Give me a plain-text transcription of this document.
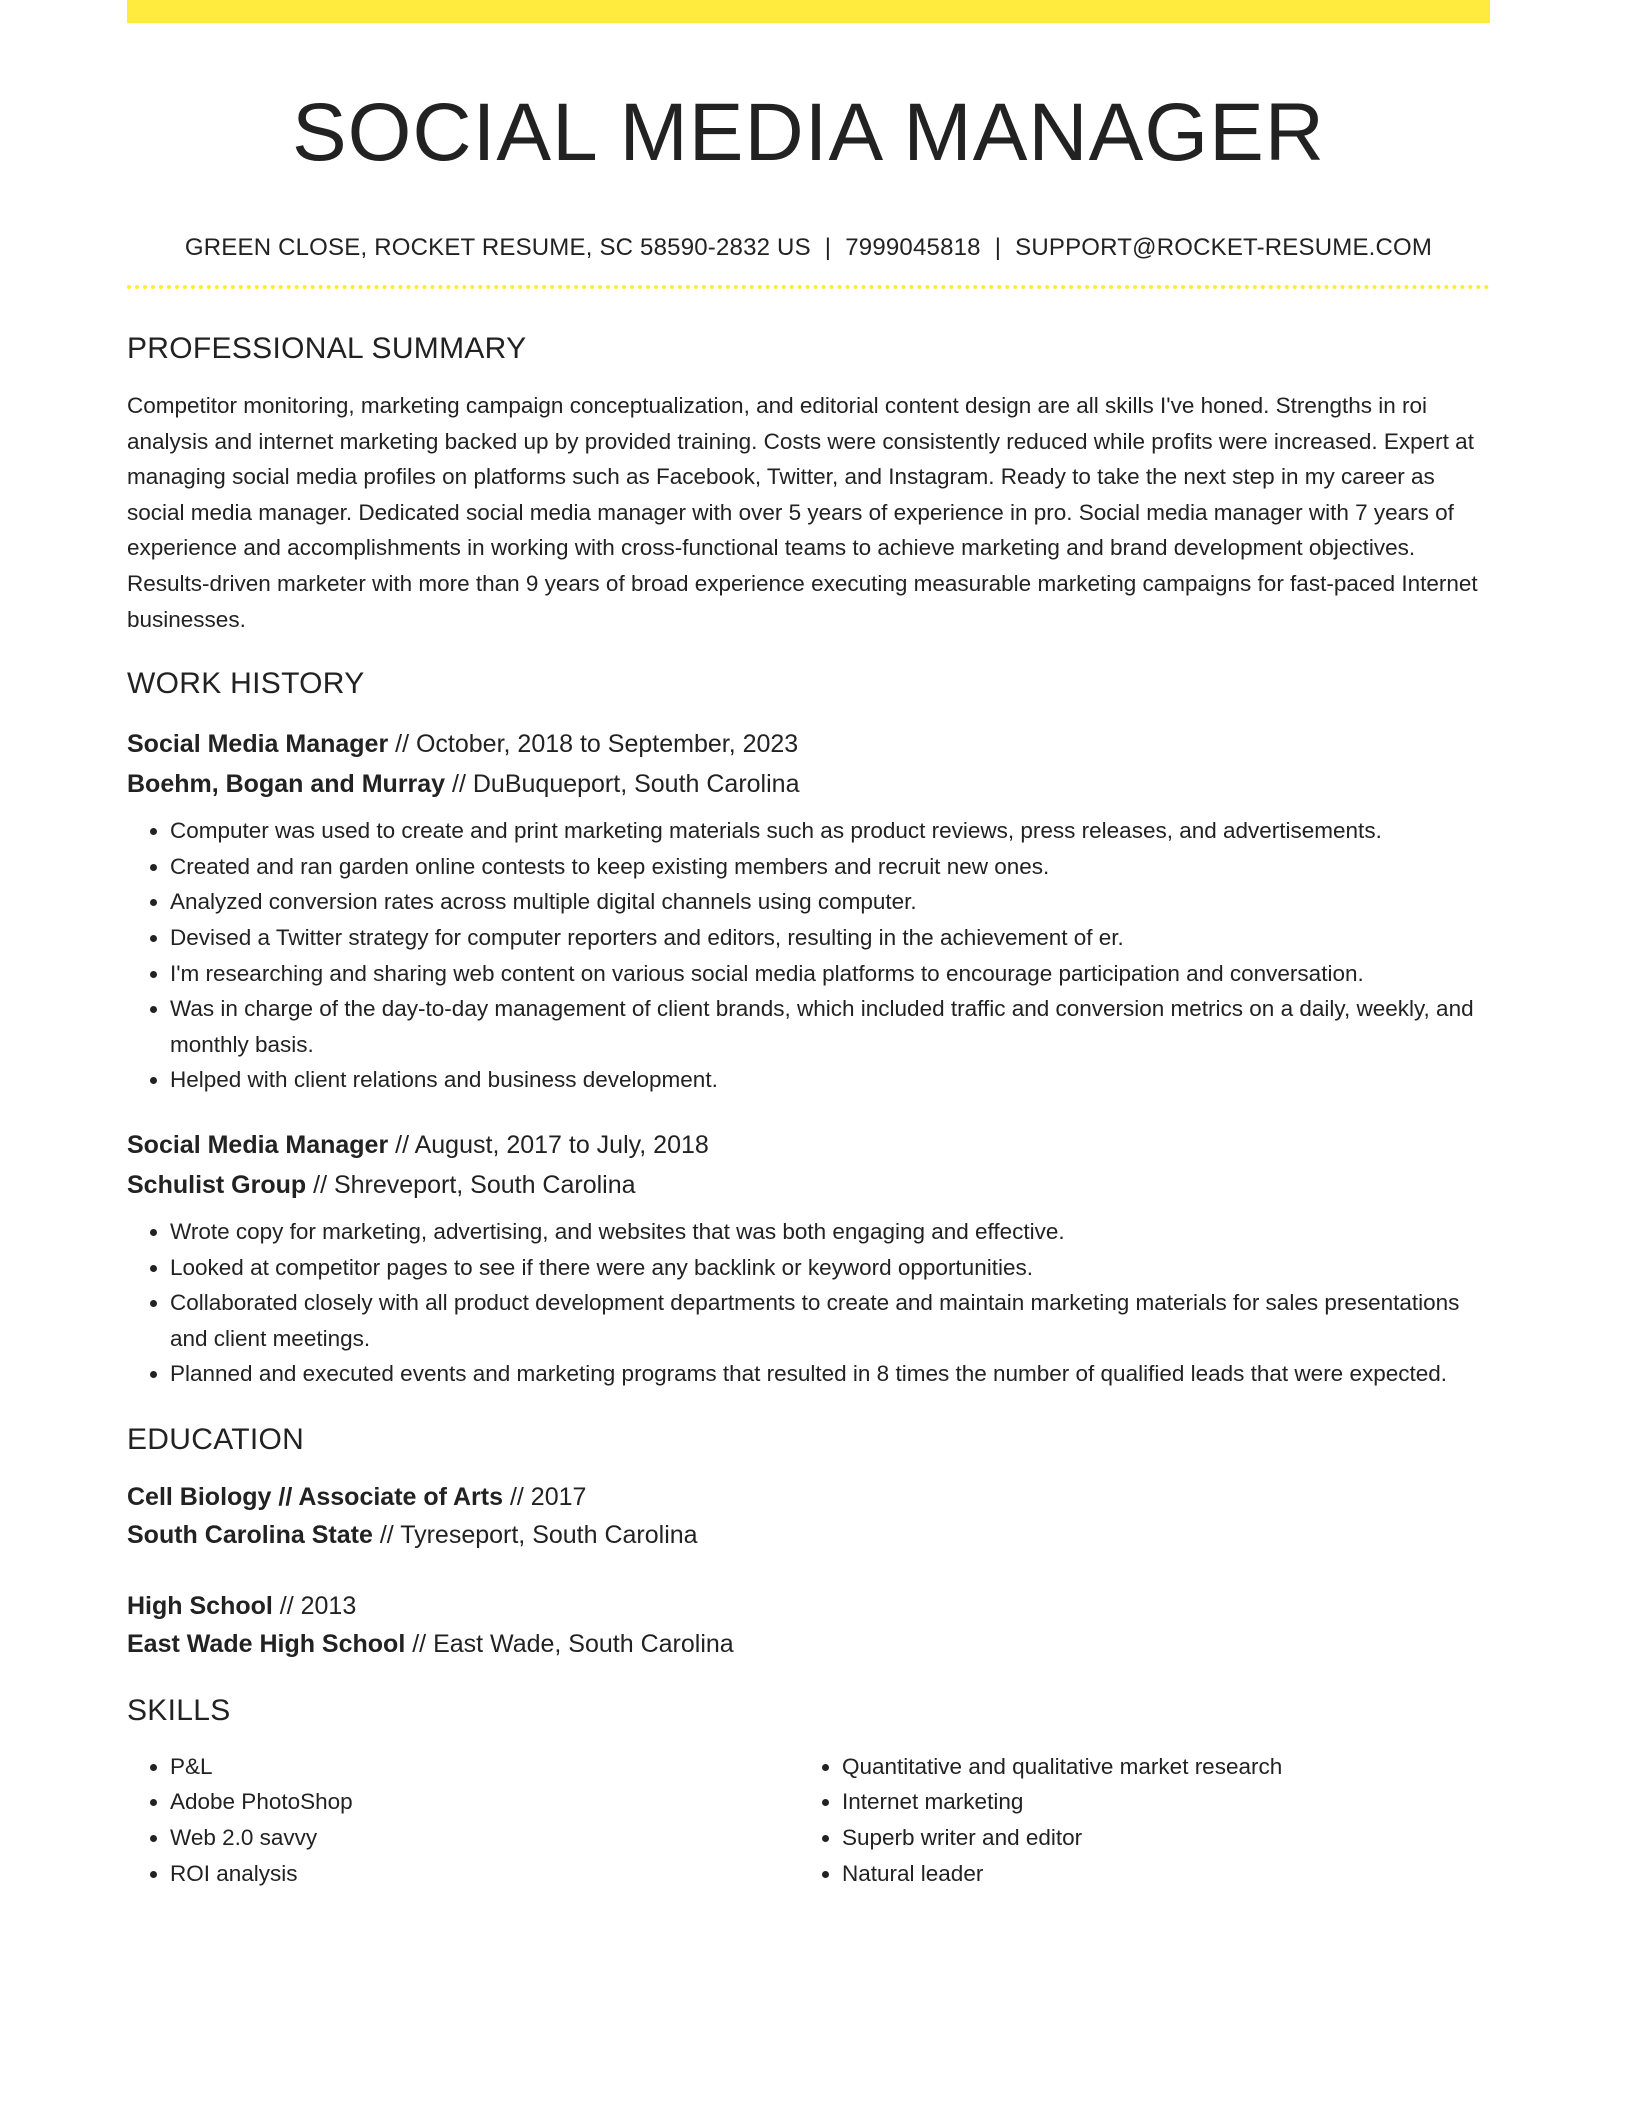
SOCIAL MEDIA MANAGER
GREEN CLOSE, ROCKET RESUME, SC 58590-2832 US | 7999045818 | SUPPORT@ROCKET-RESUME.COM
PROFESSIONAL SUMMARY
Competitor monitoring, marketing campaign conceptualization, and editorial content design are all skills I've honed. Strengths in roi analysis and internet marketing backed up by provided training. Costs were consistently reduced while profits were increased. Expert at managing social media profiles on platforms such as Facebook, Twitter, and Instagram. Ready to take the next step in my career as social media manager. Dedicated social media manager with over 5 years of experience in pro. Social media manager with 7 years of experience and accomplishments in working with cross-functional teams to achieve marketing and brand development objectives. Results-driven marketer with more than 9 years of broad experience executing measurable marketing campaigns for fast-paced Internet businesses.
WORK HISTORY
Social Media Manager // October, 2018 to September, 2023
Boehm, Bogan and Murray // DuBuqueport, South Carolina
• Computer was used to create and print marketing materials such as product reviews, press releases, and advertisements.
• Created and ran garden online contests to keep existing members and recruit new ones.
• Analyzed conversion rates across multiple digital channels using computer.
• Devised a Twitter strategy for computer reporters and editors, resulting in the achievement of er.
• I'm researching and sharing web content on various social media platforms to encourage participation and conversation.
• Was in charge of the day-to-day management of client brands, which included traffic and conversion metrics on a daily, weekly, and monthly basis.
• Helped with client relations and business development.
Social Media Manager // August, 2017 to July, 2018
Schulist Group // Shreveport, South Carolina
• Wrote copy for marketing, advertising, and websites that was both engaging and effective.
• Looked at competitor pages to see if there were any backlink or keyword opportunities.
• Collaborated closely with all product development departments to create and maintain marketing materials for sales presentations and client meetings.
• Planned and executed events and marketing programs that resulted in 8 times the number of qualified leads that were expected.
EDUCATION
Cell Biology // Associate of Arts // 2017
South Carolina State // Tyreseport, South Carolina
High School // 2013
East Wade High School // East Wade, South Carolina
SKILLS
• P&L
• Adobe PhotoShop
• Web 2.0 savvy
• ROI analysis
• Quantitative and qualitative market research
• Internet marketing
• Superb writer and editor
• Natural leader
